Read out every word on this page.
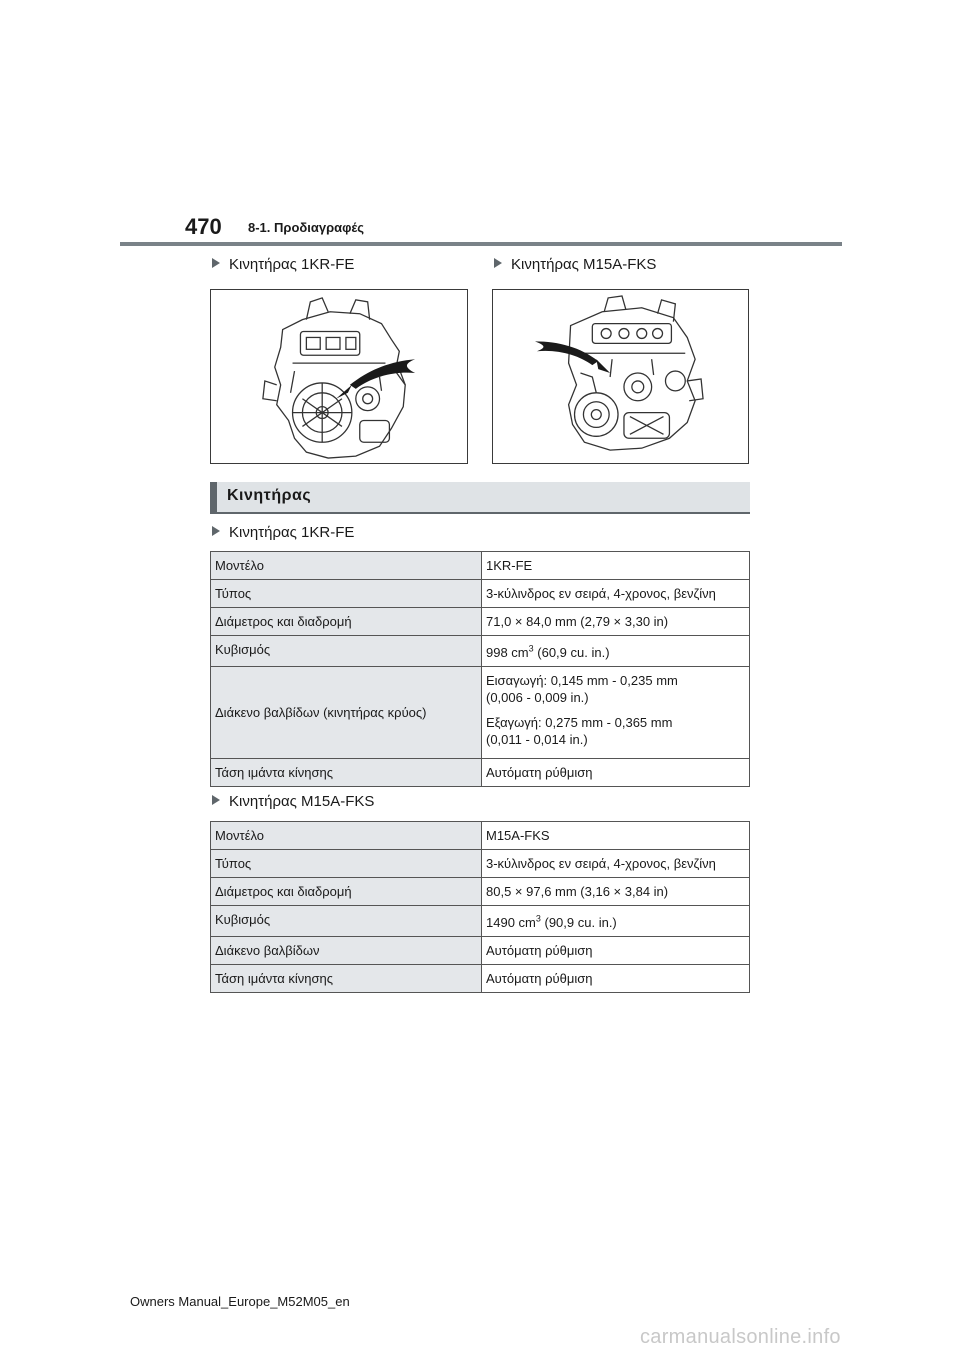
470 8-1. Προδιαγραφές
Κινητήρας 1KR-FE	Κινητήρας M15A-FKS
Κινητήρας
Κινητήρας 1KR-FE
Μοντέλο	1KR-FE
Τύπος	3-κύλινδρος εν σειρά, 4-χρονος, βενζίνη
Διάμετρος και διαδρομή	71,0 × 84,0 mm (2,79 × 3,30 in)
Κυβισμός	998 $cm^3$ (60,9 cu. in.)
Διάκενο βαλβίδων (κινητήρας κρύος)	Εισαγωγή: 0,145 mm - 0,235 mm
(0,006 - 0,009 in.)

Εξαγωγή: 0,275 mm - 0,365 mm
(0,011 - 0,014 in.)

Τάση ιμάντα κίνησης	Αυτόματη ρύθμιση
Κινητήρας M15A-FKS
Μοντέλο	M15A-FKS
Τύπος	3-κύλινδρος εν σειρά, 4-χρονος, βενζίνη
Διάμετρος και διαδρομή	80,5 × 97,6 mm (3,16 × 3,84 in)
Κυβισμός	1490 $cm^3$ (90,9 cu. in.)
Διάκενο βαλβίδων	Αυτόματη ρύθμιση
Τάση ιμάντα κίνησης	Αυτόματη ρύθμιση
Owners Manual_Europe_M52M05_en
carmanualsonline.info
